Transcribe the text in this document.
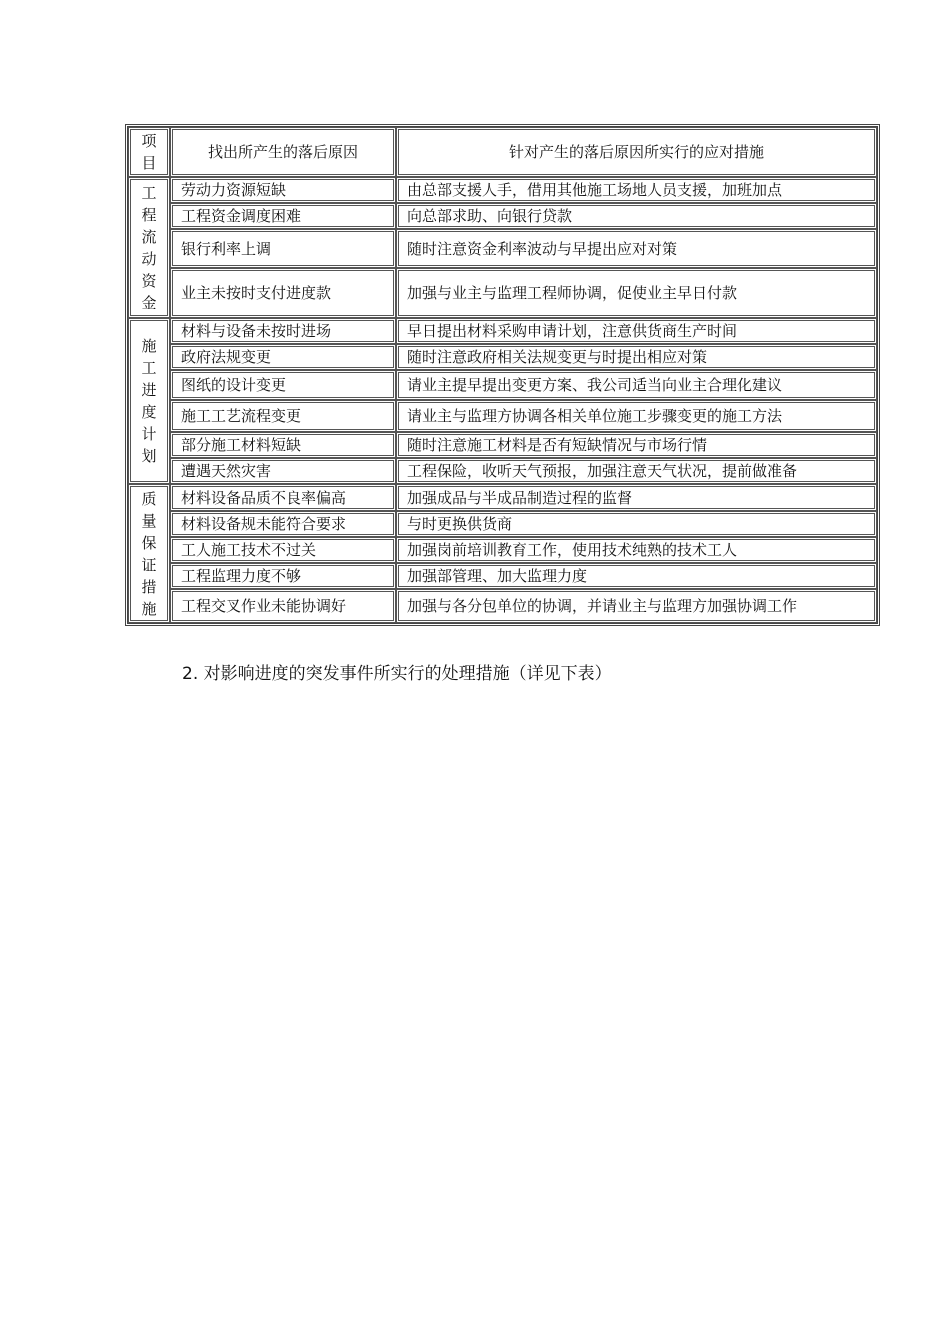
项目	找出所产生的落后原因	针对产生的落后原因所实行的应对措施

工程流动资金	劳动力资源短缺	由总部支援人手，借用其他施工场地人员支援，加班加点
	工程资金调度困难	向总部求助、向银行贷款
	银行利率上调	随时注意资金利率波动与早提出应对对策
	业主未按时支付进度款	加强与业主与监理工程师协调，促使业主早日付款

施工进度计划	材料与设备未按时进场	早日提出材料采购申请计划，注意供货商生产时间
	政府法规变更	随时注意政府相关法规变更与时提出相应对策
	图纸的设计变更	请业主提早提出变更方案、我公司适当向业主合理化建议
	施工工艺流程变更	请业主与监理方协调各相关单位施工步骤变更的施工方法
	部分施工材料短缺	随时注意施工材料是否有短缺情况与市场行情
	遭遇天然灾害	工程保险，收听天气预报，加强注意天气状况，提前做准备

质量保证措施	材料设备品质不良率偏高	加强成品与半成品制造过程的监督
	材料设备规未能符合要求	与时更换供货商
	工人施工技术不过关	加强岗前培训教育工作，使用技术纯熟的技术工人
	工程监理力度不够	加强部管理、加大监理力度
	工程交叉作业未能协调好	加强与各分包单位的协调，并请业主与监理方加强协调工作
2. 对影响进度的突发事件所实行的处理措施（详见下表）
